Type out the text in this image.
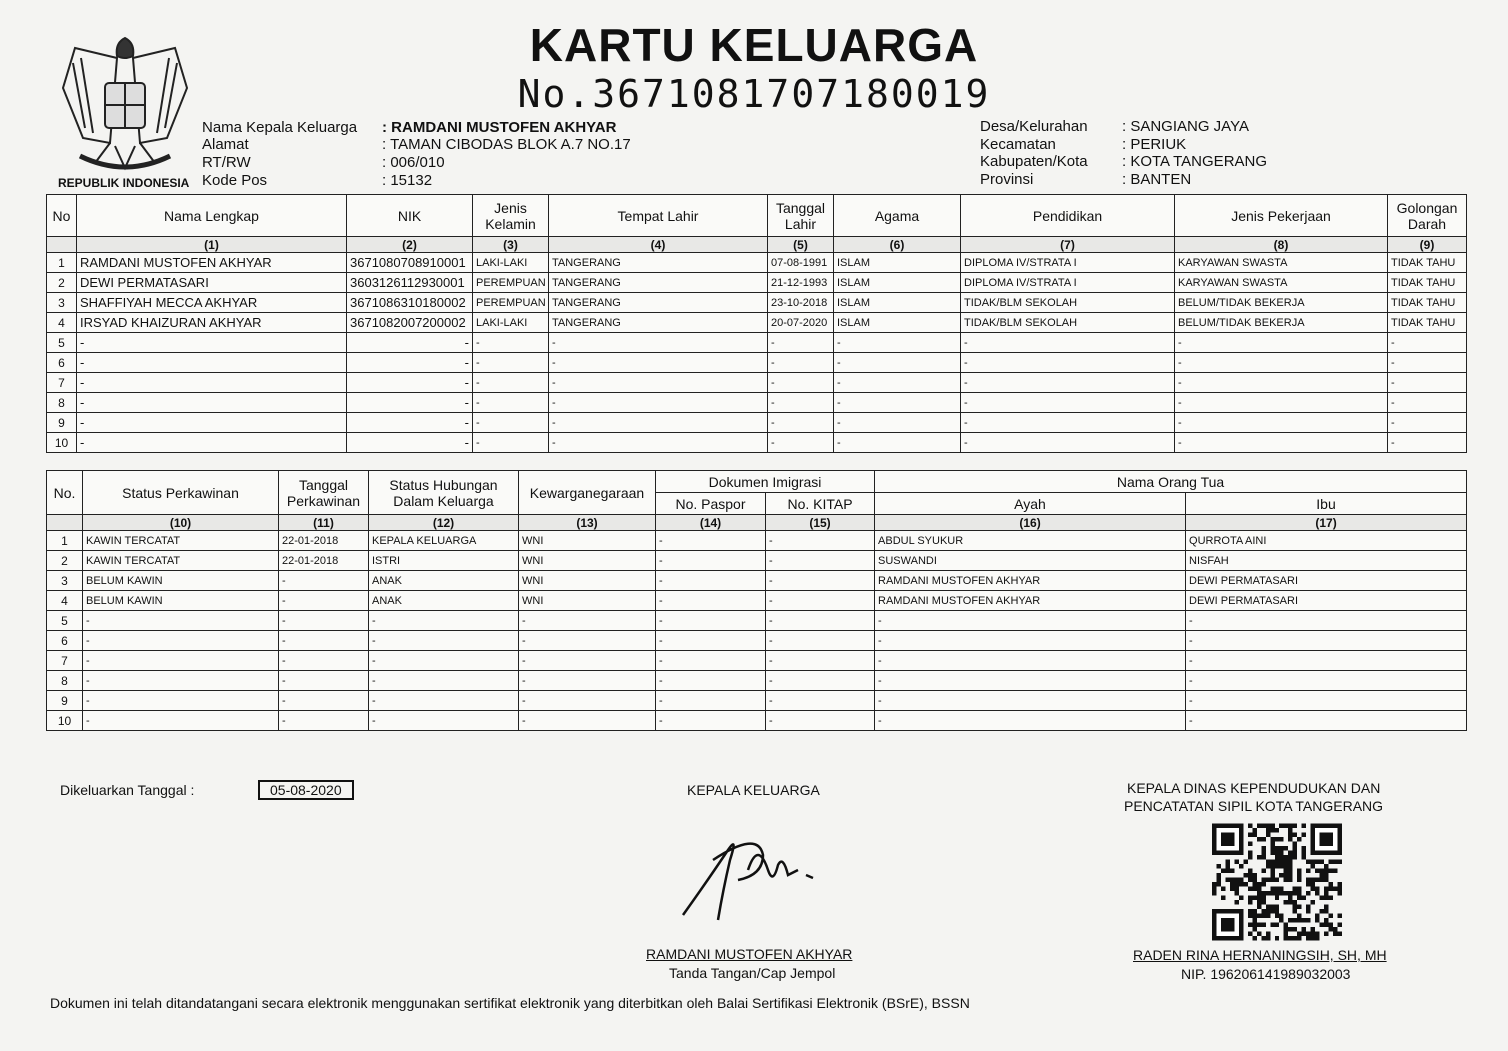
KARTU KELUARGA
No.3671081707180019
REPUBLIK INDONESIA
Nama Kepala Keluarga : RAMDANI MUSTOFEN AKHYAR
Alamat	: TAMAN CIBODAS BLOK A.7 NO.17
RT/RW	: 006/010
Kode Pos	: 15132
Desa/Kelurahan : SANGIANG JAYA
Kecamatan	: PERIUK
Kabupaten/Kota : KOTA TANGERANG
Provinsi	: BANTEN
No	Nama Lengkap	NIK	Jenis Kelamin	Tempat Lahir	Tanggal Lahir	Agama	Pendidikan	Jenis Pekerjaan	Golongan Darah
	(1)	(2)	(3)	(4)	(5)	(6)	(7)	(8)	(9)
1	RAMDANI MUSTOFEN AKHYAR	3671080708910001	LAKI-LAKI	TANGERANG	07-08-1991	ISLAM	DIPLOMA IV/STRATA I	KARYAWAN SWASTA	TIDAK TAHU
2	DEWI PERMATASARI	3603126112930001	PEREMPUAN	TANGERANG	21-12-1993	ISLAM	DIPLOMA IV/STRATA I	KARYAWAN SWASTA	TIDAK TAHU
3	SHAFFIYAH MECCA AKHYAR	3671086310180002	PEREMPUAN	TANGERANG	23-10-2018	ISLAM	TIDAK/BLM SEKOLAH	BELUM/TIDAK BEKERJA	TIDAK TAHU
4	IRSYAD KHAIZURAN AKHYAR	3671082007200002	LAKI-LAKI	TANGERANG	20-07-2020	ISLAM	TIDAK/BLM SEKOLAH	BELUM/TIDAK BEKERJA	TIDAK TAHU
5	-	-	-	-	-	-	-	-	-
6	-	-	-	-	-	-	-	-	-
7	-	-	-	-	-	-	-	-	-
8	-	-	-	-	-	-	-	-	-
9	-	-	-	-	-	-	-	-	-
10	-	-	-	-	-	-	-	-	-
No.	Status Perkawinan	Tanggal Perkawinan	Status Hubungan Dalam Keluarga	Kewarganegaraan	Dokumen Imigrasi		Nama Orang Tua	
					No. Paspor	No. KITAP	Ayah	Ibu
	(10)	(11)	(12)	(13)	(14)	(15)	(16)	(17)
1	KAWIN TERCATAT	22-01-2018	KEPALA KELUARGA	WNI	-	-	ABDUL SYUKUR	QURROTA AINI
2	KAWIN TERCATAT	22-01-2018	ISTRI	WNI	-	-	SUSWANDI	NISFAH
3	BELUM KAWIN	-	ANAK	WNI	-	-	RAMDANI MUSTOFEN AKHYAR	DEWI PERMATASARI
4	BELUM KAWIN	-	ANAK	WNI	-	-	RAMDANI MUSTOFEN AKHYAR	DEWI PERMATASARI
5	-	-	-	-	-	-	-	-
6	-	-	-	-	-	-	-	-
7	-	-	-	-	-	-	-	-
8	-	-	-	-	-	-	-	-
9	-	-	-	-	-	-	-	-
10	-	-	-	-	-	-	-	-
Dikeluarkan Tanggal :	05-08-2020	KEPALA KELUARGA
RAMDANI MUSTOFEN AKHYAR
Tanda Tangan/Cap Jempol
KEPALA DINAS KEPENDUDUKAN DAN
PENCATATAN SIPIL KOTA TANGERANG
RADEN RINA HERNANINGSIH, SH, MH
NIP. 196206141989032003
Dokumen ini telah ditandatangani secara elektronik menggunakan sertifikat elektronik yang diterbitkan oleh Balai Sertifikasi Elektronik (BSrE), BSSN
